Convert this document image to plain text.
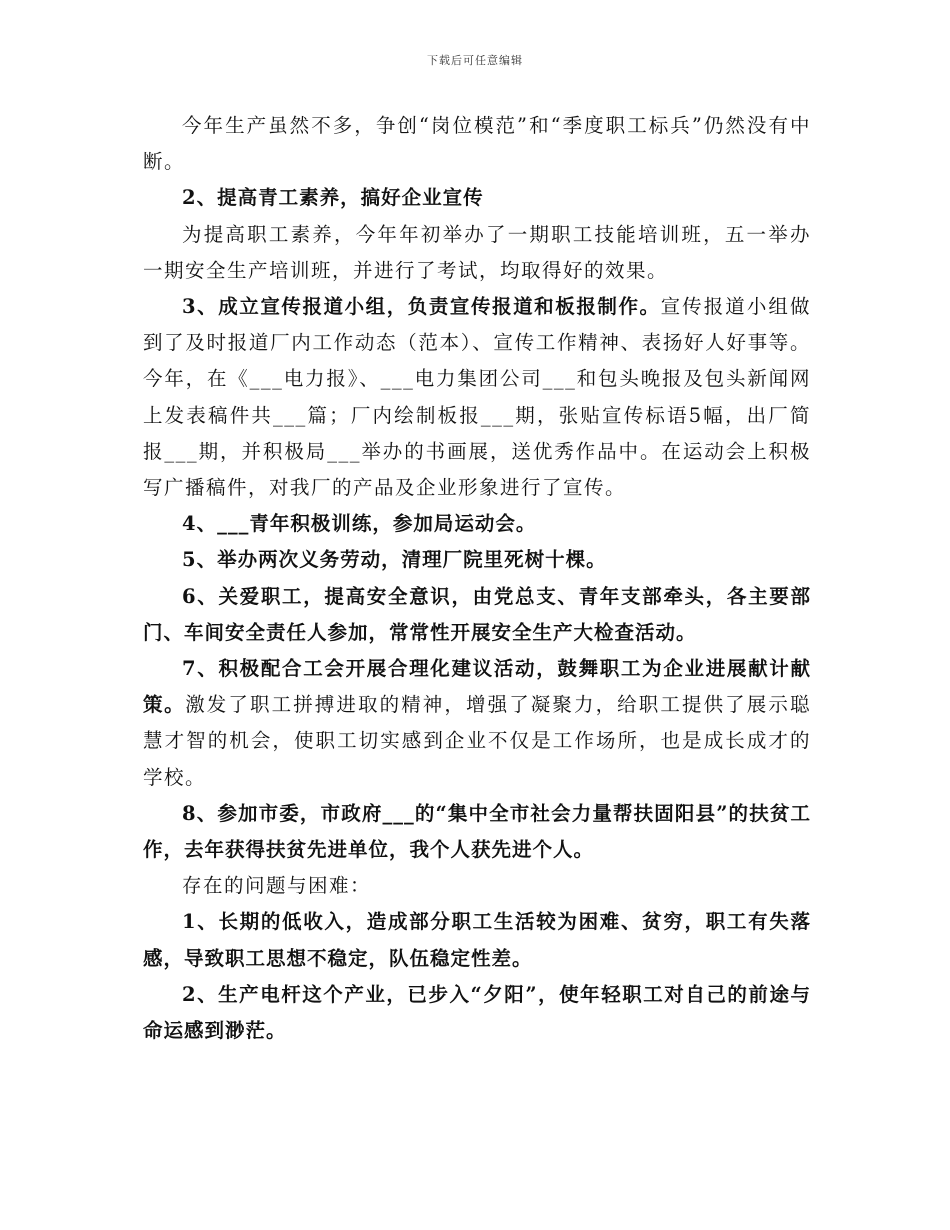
下载后可任意编辑

今年生产虽然不多，争创“岗位模范”和“季度职工标兵”仍然没有中断。

2、提高青工素养，搞好企业宣传

为提高职工素养，今年年初举办了一期职工技能培训班，五一举办一期安全生产培训班，并进行了考试，均取得好的效果。

3、成立宣传报道小组，负责宣传报道和板报制作。宣传报道小组做到了及时报道厂内工作动态（范本）、宣传工作精神、表扬好人好事等。今年，在《___电力报》、___电力集团公司___和包头晚报及包头新闻网上发表稿件共___篇；厂内绘制板报___期，张贴宣传标语5幅，出厂简报___期，并积极局___举办的书画展，送优秀作品中。在运动会上积极写广播稿件，对我厂的产品及企业形象进行了宣传。

4、___青年积极训练，参加局运动会。

5、举办两次义务劳动，清理厂院里死树十棵。

6、关爱职工，提高安全意识，由党总支、青年支部牵头，各主要部门、车间安全责任人参加，常常性开展安全生产大检查活动。

7、积极配合工会开展合理化建议活动，鼓舞职工为企业进展献计献策。激发了职工拼搏进取的精神，增强了凝聚力，给职工提供了展示聪慧才智的机会，使职工切实感到企业不仅是工作场所，也是成长成才的学校。

8、参加市委，市政府___的“集中全市社会力量帮扶固阳县”的扶贫工作，去年获得扶贫先进单位，我个人获先进个人。

存在的问题与困难：

1、长期的低收入，造成部分职工生活较为困难、贫穷，职工有失落感，导致职工思想不稳定，队伍稳定性差。

2、生产电杆这个产业，已步入“夕阳”，使年轻职工对自己的前途与命运感到渺茫。
